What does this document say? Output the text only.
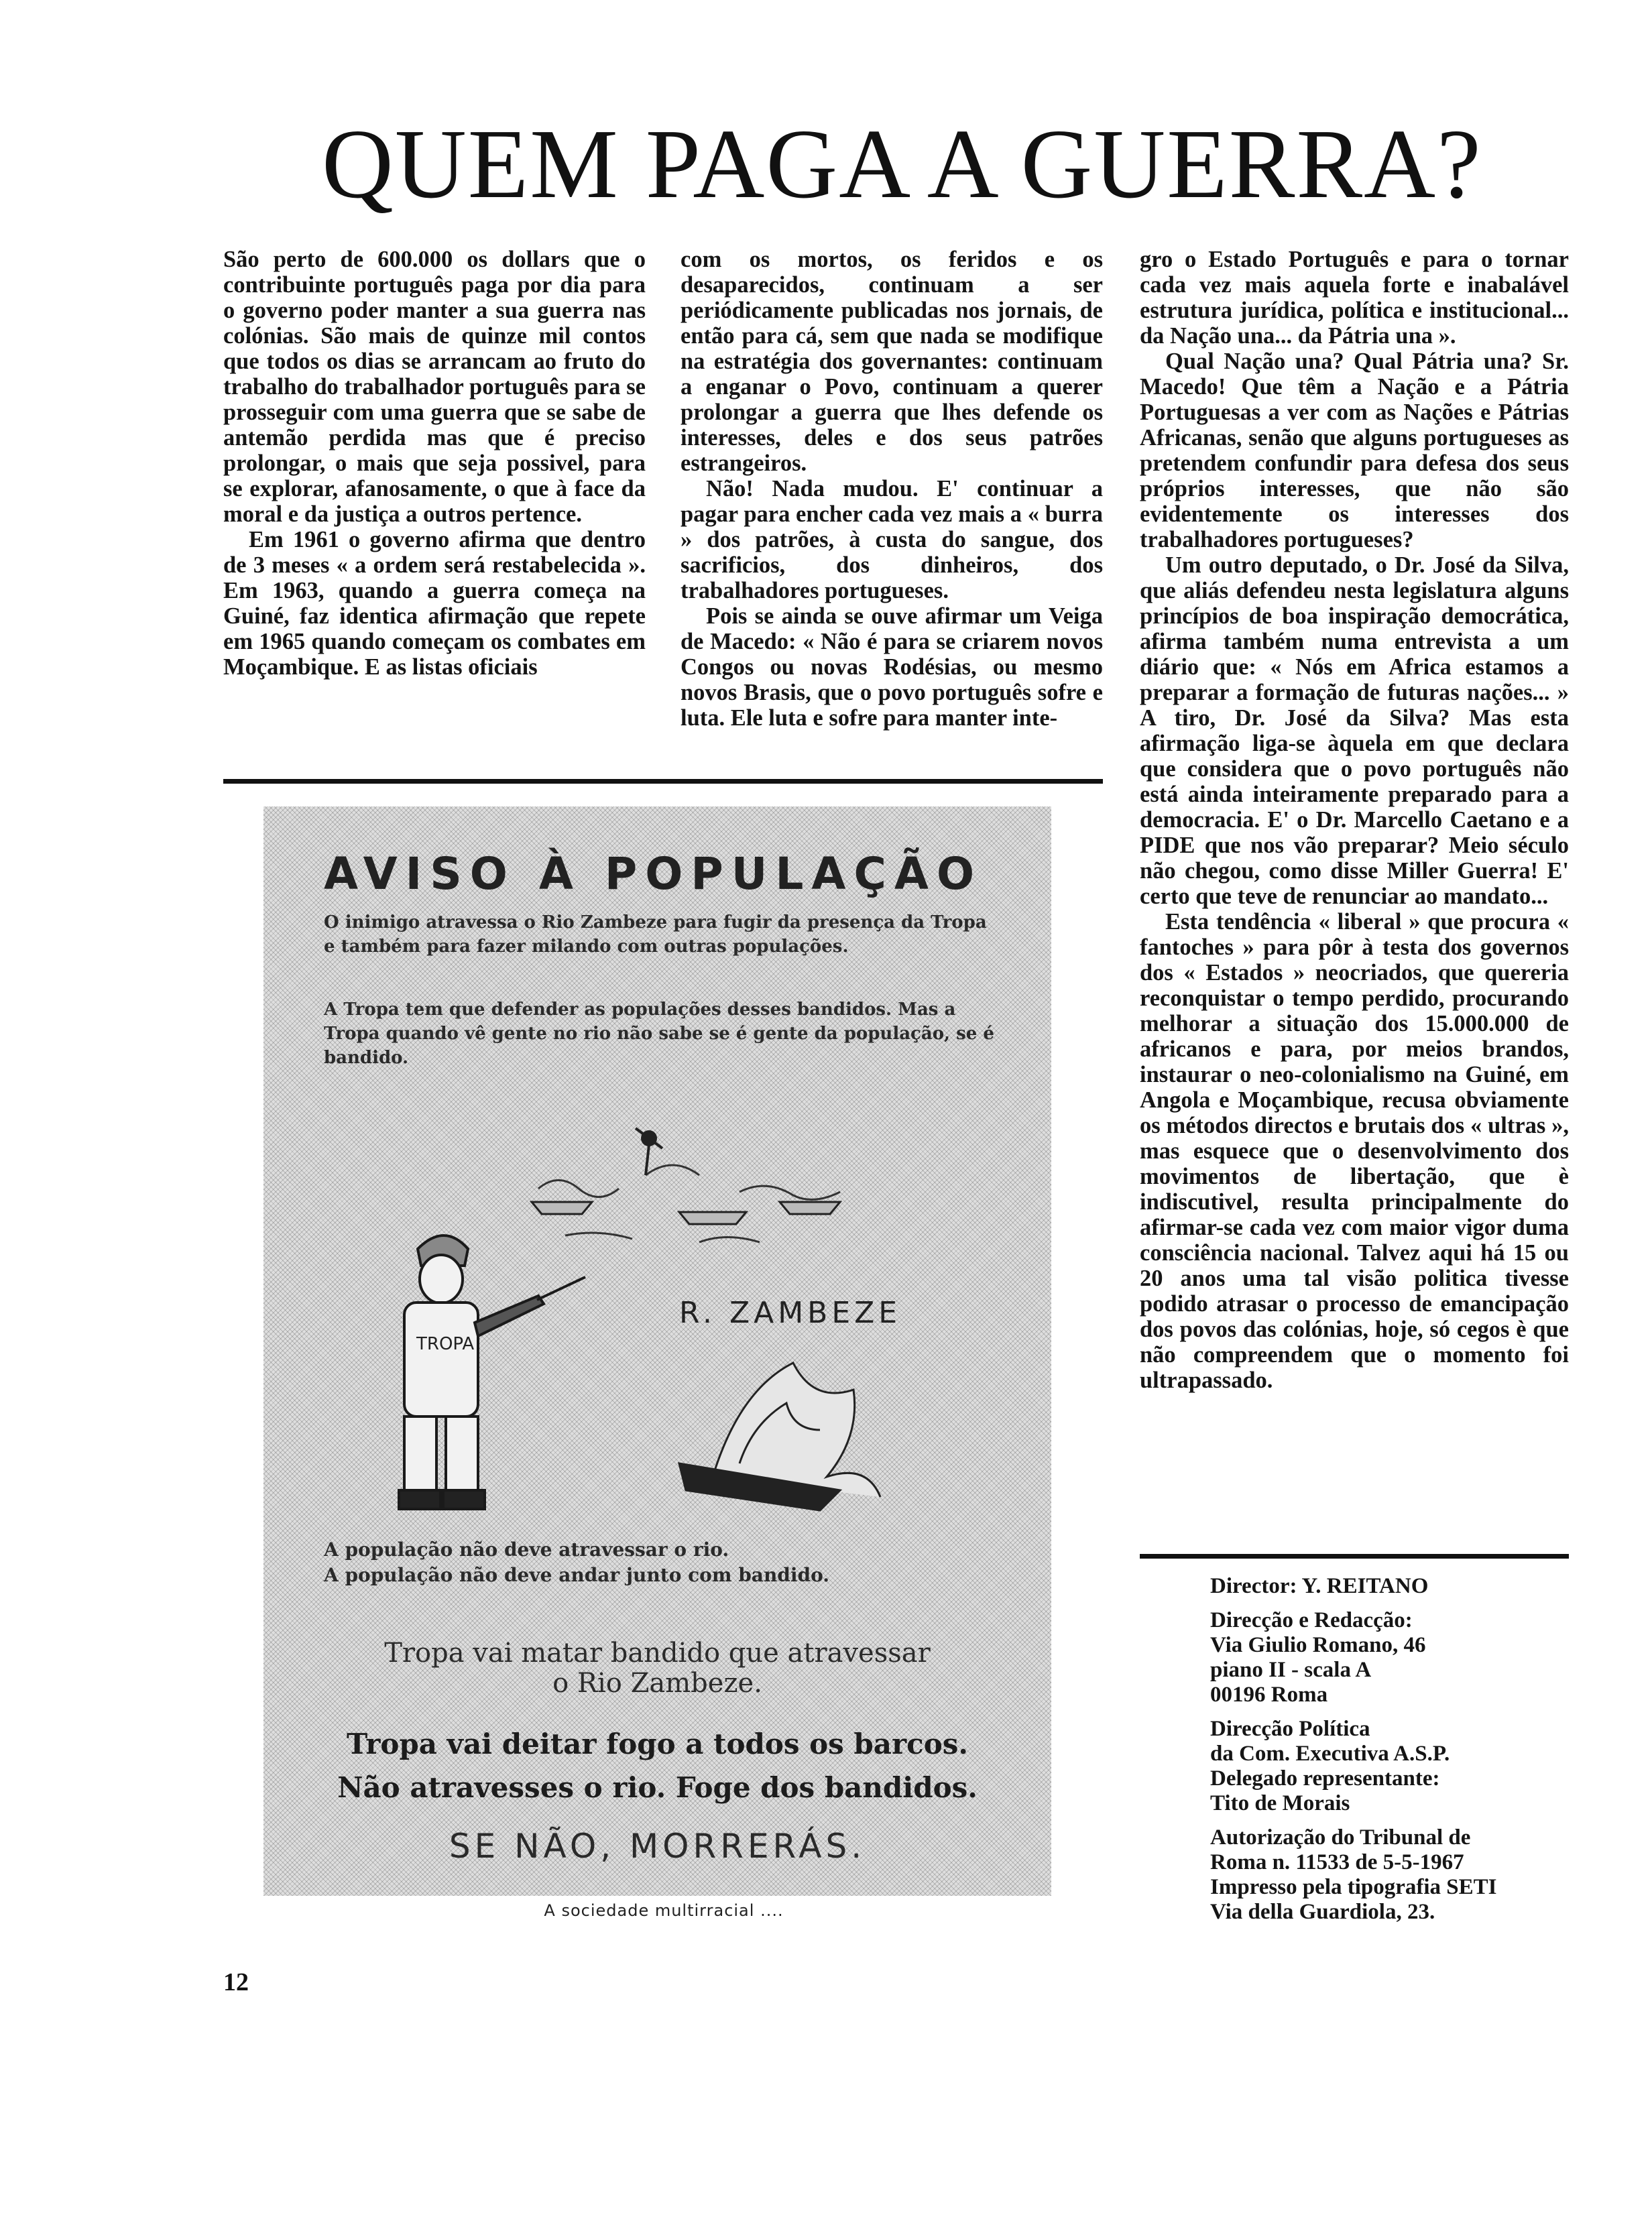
QUEM PAGA A GUERRA?

São perto de 600.000 os dollars que o contribuinte português paga por dia para o governo poder manter a sua guerra nas colónias. São mais de quinze mil contos que todos os dias se arrancam ao fruto do trabalho do trabalhador português para se prosseguir com uma guerra que se sabe de antemão perdida mas que é preciso prolongar, o mais que seja possivel, para se explorar, afanosamente, o que à face da moral e da justiça a outros pertence.

Em 1961 o governo afirma que dentro de 3 meses « a ordem será restabelecida ». Em 1963, quando a guerra começa na Guiné, faz identica afirmação que repete em 1965 quando começam os combates em Moçambique. E as listas oficiais

com os mortos, os feridos e os desaparecidos, continuam a ser periódicamente publicadas nos jornais, de então para cá, sem que nada se modifique na estratégia dos governantes: continuam a enganar o Povo, continuam a querer prolongar a guerra que lhes defende os interesses, deles e dos seus patrões estrangeiros.

Não! Nada mudou. E' continuar a pagar para encher cada vez mais a « burra » dos patrões, à custa do sangue, dos sacrificios, dos dinheiros, dos trabalhadores portugueses.

Pois se ainda se ouve afirmar um Veiga de Macedo: « Não é para se criarem novos Congos ou novas Rodésias, ou mesmo novos Brasis, que o povo português sofre e luta. Ele luta e sofre para manter inte-

gro o Estado Português e para o tornar cada vez mais aquela forte e inabalável estrutura jurídica, política e institucional... da Nação una... da Pátria una ».

Qual Nação una? Qual Pátria una? Sr. Macedo! Que têm a Nação e a Pátria Portuguesas a ver com as Nações e Pátrias Africanas, senão que alguns portugueses as pretendem confundir para defesa dos seus próprios interesses, que não são evidentemente os interesses dos trabalhadores portugueses?

Um outro deputado, o Dr. José da Silva, que aliás defendeu nesta legislatura alguns princípios de boa inspiração democrática, afirma também numa entrevista a um diário que: « Nós em Africa estamos a preparar a formação de futuras nações... » A tiro, Dr. José da Silva? Mas esta afirmação liga-se àquela em que declara que considera que o povo português não está ainda inteiramente preparado para a democracia. E' o Dr. Marcello Caetano e a PIDE que nos vão preparar? Meio século não chegou, como disse Miller Guerra! E' certo que teve de renunciar ao mandato...

Esta tendência « liberal » que procura « fantoches » para pôr à testa dos governos dos « Estados » neocriados, que quereria reconquistar o tempo perdido, procurando melhorar a situação dos 15.000.000 de africanos e para, por meios brandos, instaurar o neo-colonialismo na Guiné, em Angola e Moçambique, recusa obviamente os métodos directos e brutais dos « ultras », mas esquece que o desenvolvimento dos movimentos de libertação, que è indiscutivel, resulta principalmente do afirmar-se cada vez com maior vigor duma consciência nacional. Talvez aqui há 15 ou 20 anos uma tal visão politica tivesse podido atrasar o processo de emancipação dos povos das colónias, hoje, só cegos è que não compreendem que o momento foi ultrapassado.

AVISO À POPULAÇÃO
O inimigo atravessa o Rio Zambeze para fugir da presença da Tropa e também para fazer milando com outras populações.
A Tropa tem que defender as populações desses bandidos. Mas a Tropa quando vê gente no rio não sabe se é gente da população, se é bandido.
TROPA
R. ZAMBEZE
A população não deve atravessar o rio.
A população não deve andar junto com bandido.
Tropa vai matar bandido que atravessar
o Rio Zambeze.
Tropa vai deitar fogo a todos os barcos.
Não atravesses o rio. Foge dos bandidos.
SE NÃO, MORRERÁS.
A sociedade multirracial ....

Director: Y. REITANO

Direcção e Redacção:
Via Giulio Romano, 46
piano II - scala A
00196 Roma

Direcção Política
da Com. Executiva A.S.P.
Delegado representante:
Tito de Morais

Autorização do Tribunal de
Roma n. 11533 de 5-5-1967
Impresso pela tipografia SETI
Via della Guardiola, 23.

12
